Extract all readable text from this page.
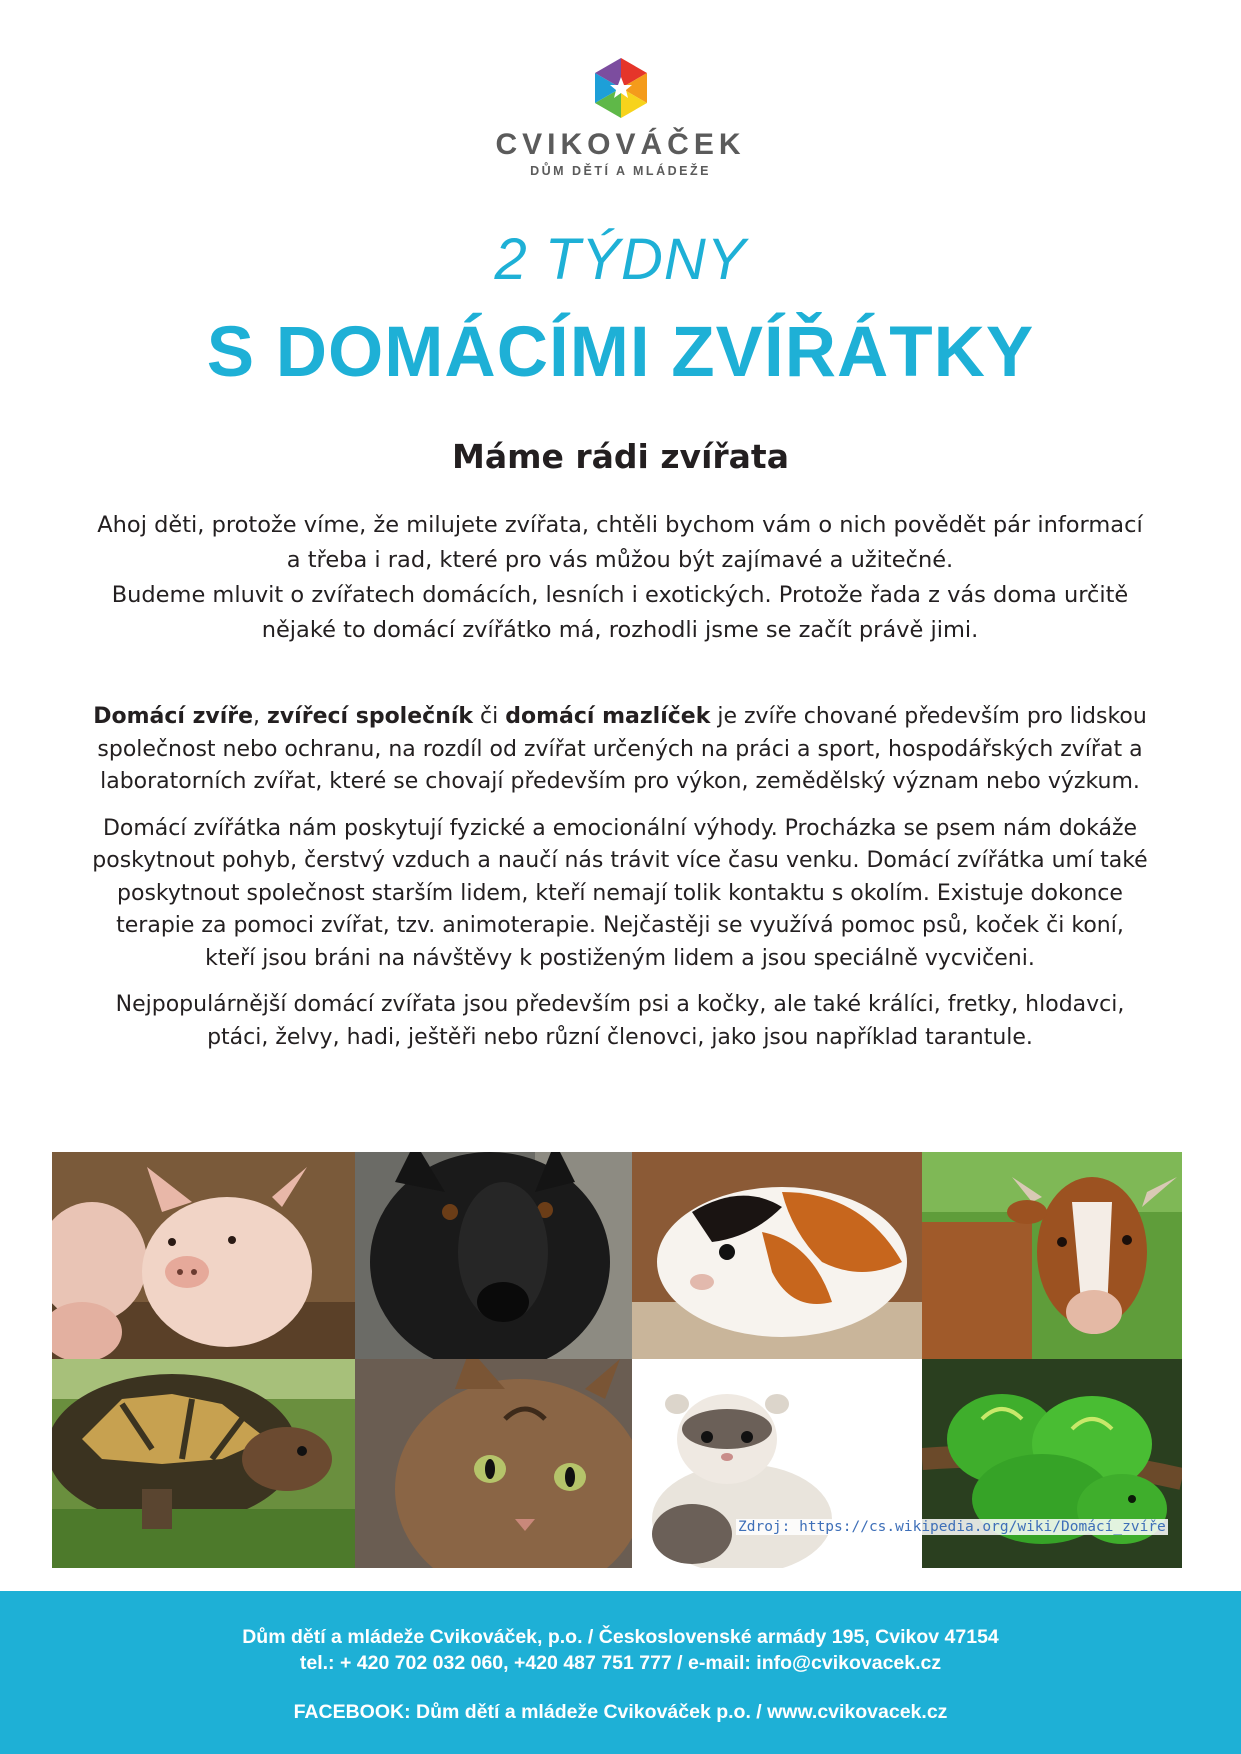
CVIKOVÁČEK
DŮM DĚTÍ A MLÁDEŽE
2 TÝDNY
S DOMÁCÍMI ZVÍŘÁTKY
Máme rádi zvířata

Ahoj děti, protože víme, že milujete zvířata, chtěli bychom vám o nich povědět pár informací a třeba i rad, které pro vás můžou být zajímavé a užitečné.

Budeme mluvit o zvířatech domácích, lesních i exotických. Protože řada z vás doma určitě nějaké to domácí zvířátko má, rozhodli jsme se začít právě jimi.

Domácí zvíře, zvířecí společník či domácí mazlíček je zvíře chované především pro lidskou společnost nebo ochranu, na rozdíl od zvířat určených na práci a sport, hospodářských zvířat a laboratorních zvířat, které se chovají především pro výkon, zemědělský význam nebo výzkum.

Domácí zvířátka nám poskytují fyzické a emocionální výhody. Procházka se psem nám dokáže poskytnout pohyb, čerstvý vzduch a naučí nás trávit více času venku. Domácí zvířátka umí také poskytnout společnost starším lidem, kteří nemají tolik kontaktu s okolím. Existuje dokonce terapie za pomoci zvířat, tzv. animoterapie. Nejčastěji se využívá pomoc psů, koček či koní, kteří jsou bráni na návštěvy k postiženým lidem a jsou speciálně vycvičeni.

Nejpopulárnější domácí zvířata jsou především psi a kočky, ale také králíci, fretky, hlodavci, ptáci, želvy, hadi, ještěři nebo různí členovci, jako jsou například tarantule.

Zdroj: https://cs.wikipedia.org/wiki/Domácí_zvíře
Dům dětí a mládeže Cvikováček, p.o. / Československé armády 195, Cvikov 47154
tel.: + 420 702 032 060, +420 487 751 777 / e-mail: info@cvikovacek.cz
FACEBOOK: Dům dětí a mládeže Cvikováček p.o. / www.cvikovacek.cz
